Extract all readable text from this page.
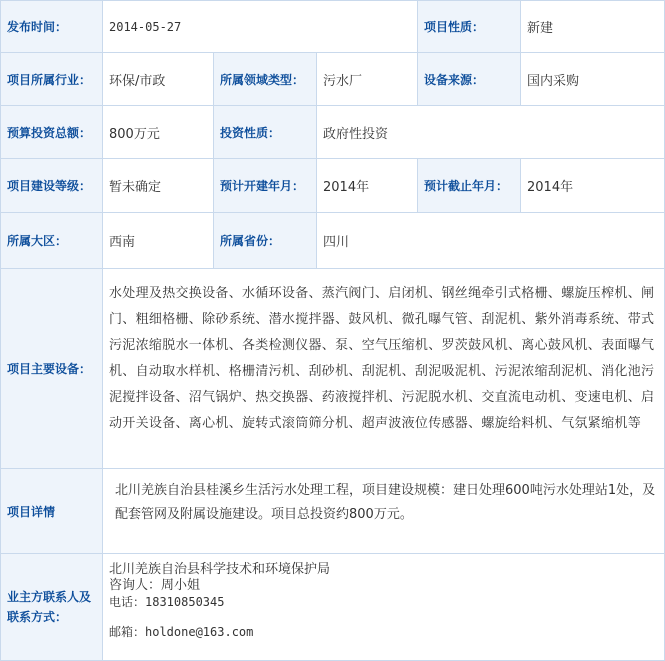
发布时间：	2014-05-27	项目性质：	新建
项目所属行业： 环保/市政	所属领域类型： 污水厂	设备来源：	国内采购
预算投资总额： 800万元	投资性质：	政府性投资
项目建设等级： 暂未确定	预计开建年月： 2014年	预计截止年月： 2014年
所属大区：	西南	所属省份：	四川
项目主要设备：
水处理及热交换设备、水循环设备、蒸汽阀门、启闭机、钢丝绳牵引式格栅、螺旋压榨机、闸门、粗细格栅、除砂系统、潜水搅拌器、鼓风机、微孔曝气管、刮泥机、紫外消毒系统、带式污泥浓缩脱水一体机、各类检测仪器、泵、空气压缩机、罗茨鼓风机、离心鼓风机、表面曝气机、自动取水样机、格栅清污机、刮砂机、刮泥机、刮泥吸泥机、污泥浓缩刮泥机、消化池污泥搅拌设备、沼气锅炉、热交换器、药液搅拌机、污泥脱水机、交直流电动机、变速电机、启动开关设备、离心机、旋转式滚筒筛分机、超声波液位传感器、螺旋给料机、气氛紧缩机等
项目详情
北川羌族自治县桂溪乡生活污水处理工程，项目建设规模：建日处理600吨污水处理站1处，及配套管网及附属设施建设。项目总投资约800万元。
业主方联系人及联系方式：
北川羌族自治县科学技术和环境保护局
咨询人：周小姐
电话：18310850345
邮箱：holdone@163.com
